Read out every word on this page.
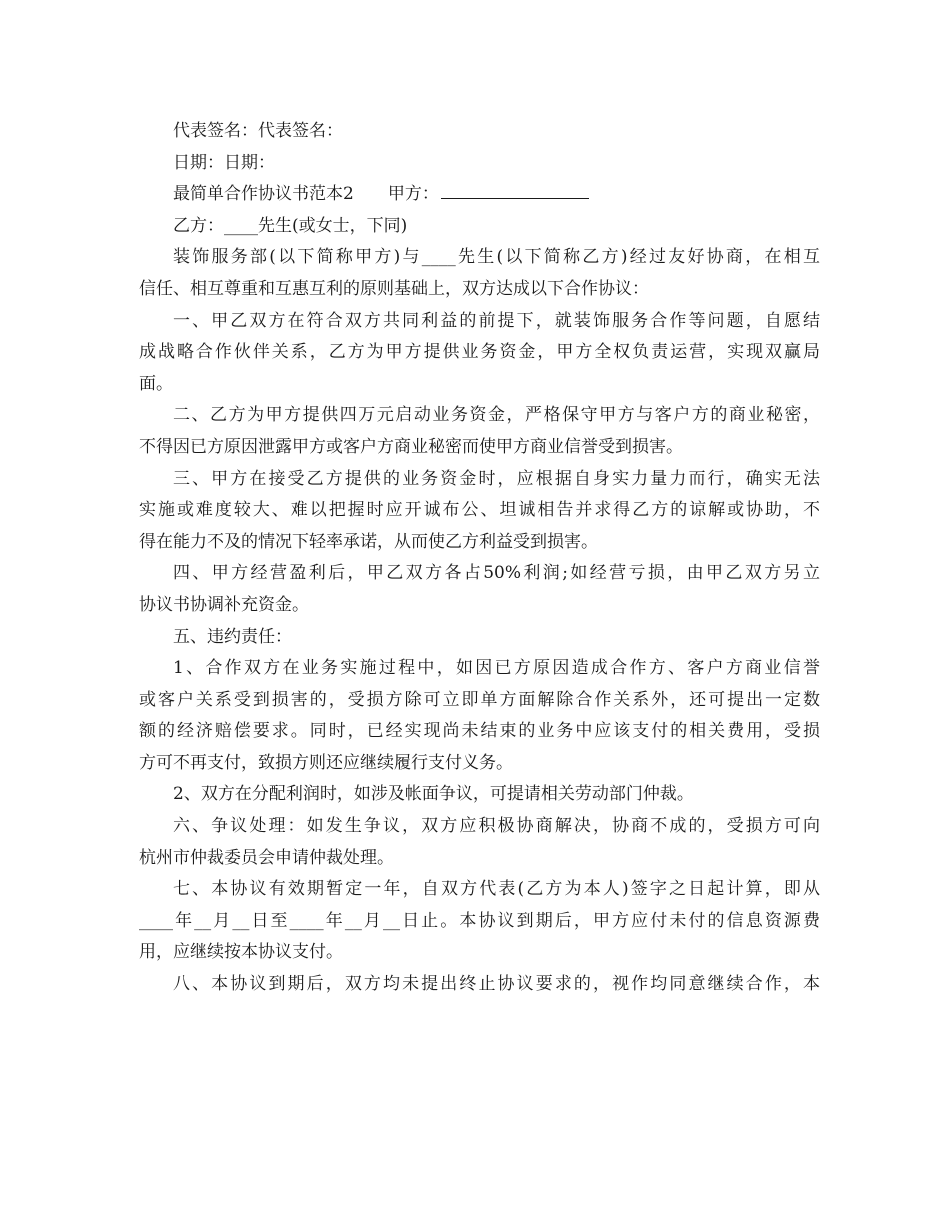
代表签名：代表签名：
日期：日期：
最简单合作协议书范本2　　甲方：
乙方：____先生(或女士，下同)
装饰服务部(以下简称甲方)与____先生(以下简称乙方)经过友好协商，在相互
信任、相互尊重和互惠互利的原则基础上，双方达成以下合作协议：
一、甲乙双方在符合双方共同利益的前提下，就装饰服务合作等问题，自愿结
成战略合作伙伴关系，乙方为甲方提供业务资金，甲方全权负责运营，实现双赢局
面。
二、乙方为甲方提供四万元启动业务资金，严格保守甲方与客户方的商业秘密，
不得因已方原因泄露甲方或客户方商业秘密而使甲方商业信誉受到损害。
三、甲方在接受乙方提供的业务资金时，应根据自身实力量力而行，确实无法
实施或难度较大、难以把握时应开诚布公、坦诚相告并求得乙方的谅解或协助，不
得在能力不及的情况下轻率承诺，从而使乙方利益受到损害。
四、甲方经营盈利后，甲乙双方各占50%利润;如经营亏损，由甲乙双方另立
协议书协调补充资金。
五、违约责任：
1、合作双方在业务实施过程中，如因已方原因造成合作方、客户方商业信誉
或客户关系受到损害的，受损方除可立即单方面解除合作关系外，还可提出一定数
额的经济赔偿要求。同时，已经实现尚未结束的业务中应该支付的相关费用，受损
方可不再支付，致损方则还应继续履行支付义务。
2、双方在分配利润时，如涉及帐面争议，可提请相关劳动部门仲裁。
六、争议处理：如发生争议，双方应积极协商解决，协商不成的，受损方可向
杭州市仲裁委员会申请仲裁处理。
七、本协议有效期暂定一年，自双方代表(乙方为本人)签字之日起计算，即从
____年__月__日至____年__月__日止。本协议到期后，甲方应付未付的信息资源费
用，应继续按本协议支付。
八、本协议到期后，双方均未提出终止协议要求的，视作均同意继续合作，本
